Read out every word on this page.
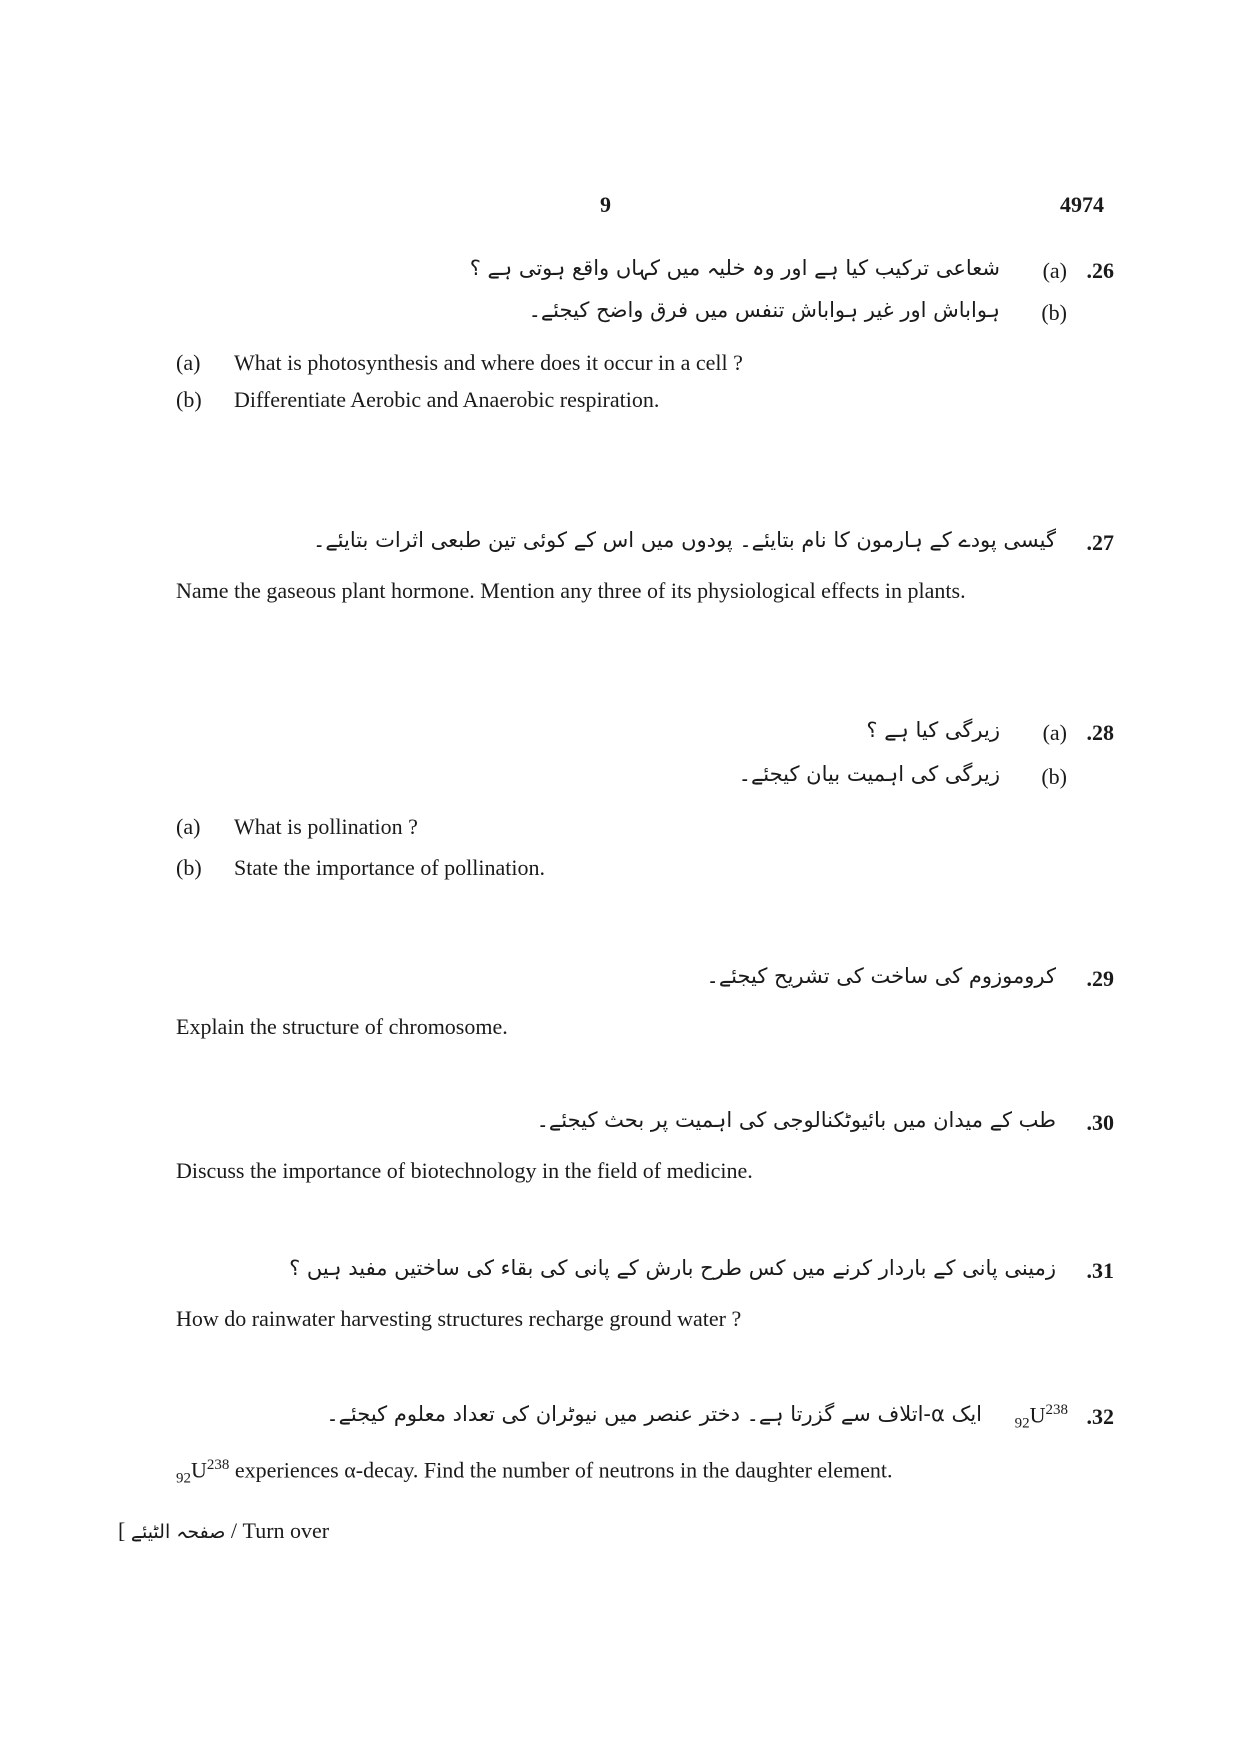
9	4974
.26
(a)
شعاعی ترکیب کیا ہے اور وہ خلیہ میں کہاں واقع ہوتی ہے ؟
(b)
ہواباش اور غیر ہواباش تنفس میں فرق واضح کیجئے۔
(a) What is photosynthesis and where does it occur in a cell ?
(b) Differentiate Aerobic and Anaerobic respiration.
.27
گیسی پودے کے ہارمون کا نام بتایئے۔ پودوں میں اس کے کوئی تین طبعی اثرات بتایئے۔
Name the gaseous plant hormone. Mention any three of its physiological effects in plants.
.28
(a)
زیرگی کیا ہے ؟
(b)
زیرگی کی اہمیت بیان کیجئے۔
(a) What is pollination ?
(b) State the importance of pollination.
.29
کروموزوم کی ساخت کی تشریح کیجئے۔
Explain the structure of chromosome.
.30
طب کے میدان میں بائیوٹکنالوجی کی اہمیت پر بحث کیجئے۔
Discuss the importance of biotechnology in the field of medicine.
.31
زمینی پانی کے باردار کرنے میں کس طرح بارش کے پانی کی بقاء کی ساختیں مفید ہیں ؟
How do rainwater harvesting structures recharge ground water ?
.32
$_{92}U^{238}$
ایک α-اتلاف سے گزرتا ہے۔ دختر عنصر میں نیوٹران کی تعداد معلوم کیجئے۔
$_{92}U^{238}$ experiences α-decay. Find the number of neutrons in the daughter element.
[ صفحہ الٹیئے / Turn over
